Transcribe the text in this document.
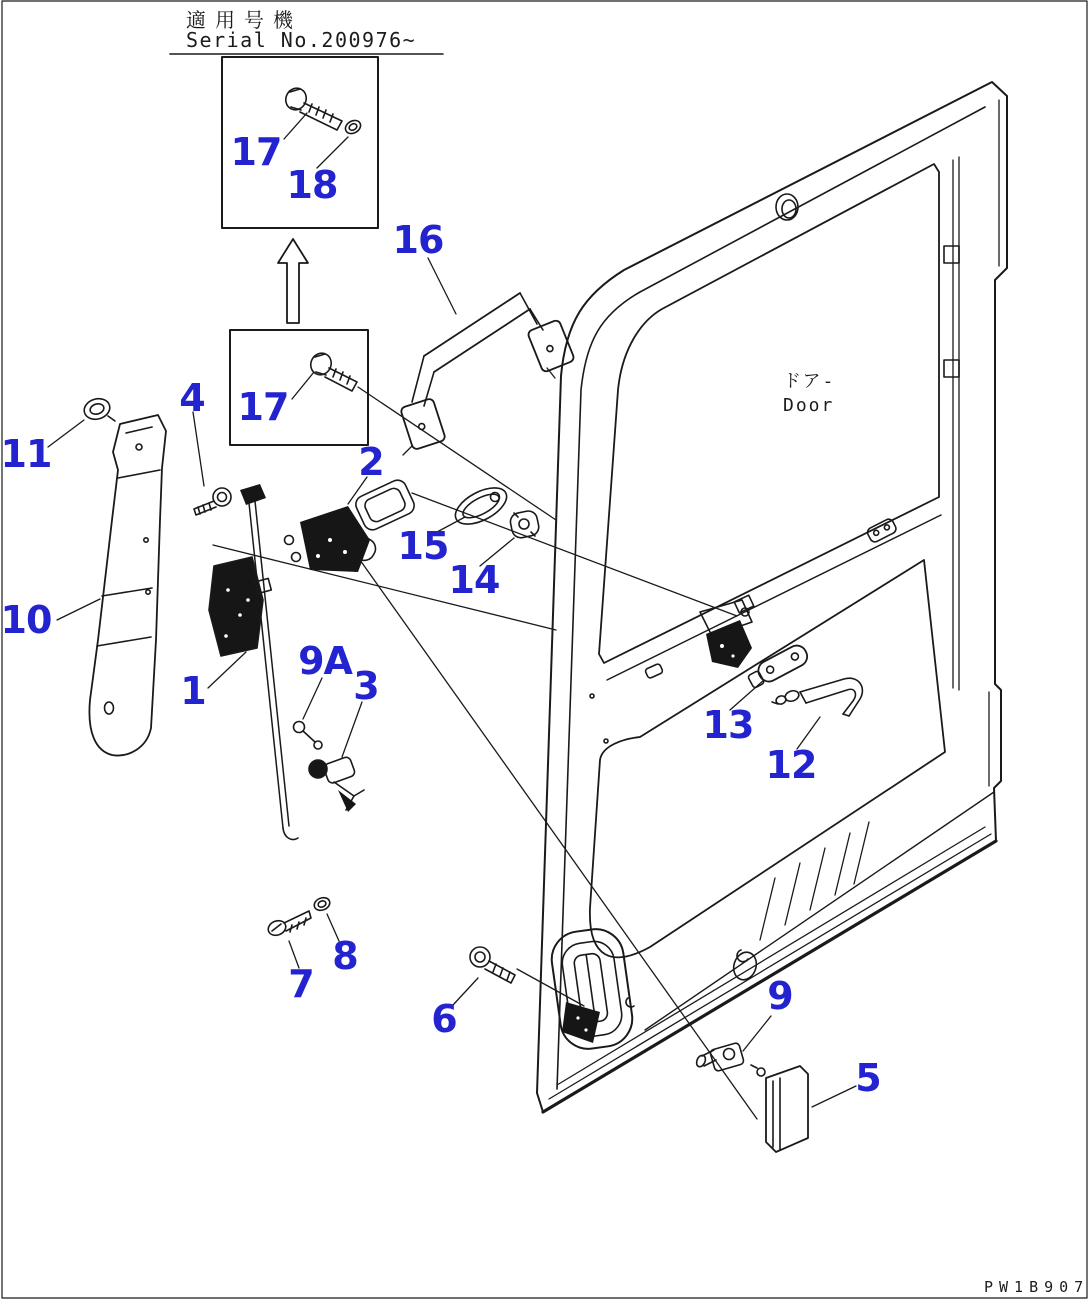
適用号機
Serial No.200976~
ドア-
Door
PW1B907
17
18
16
17
4
11	2
15
14
10
1
9A
3
13
12
8
7
6
9
5
